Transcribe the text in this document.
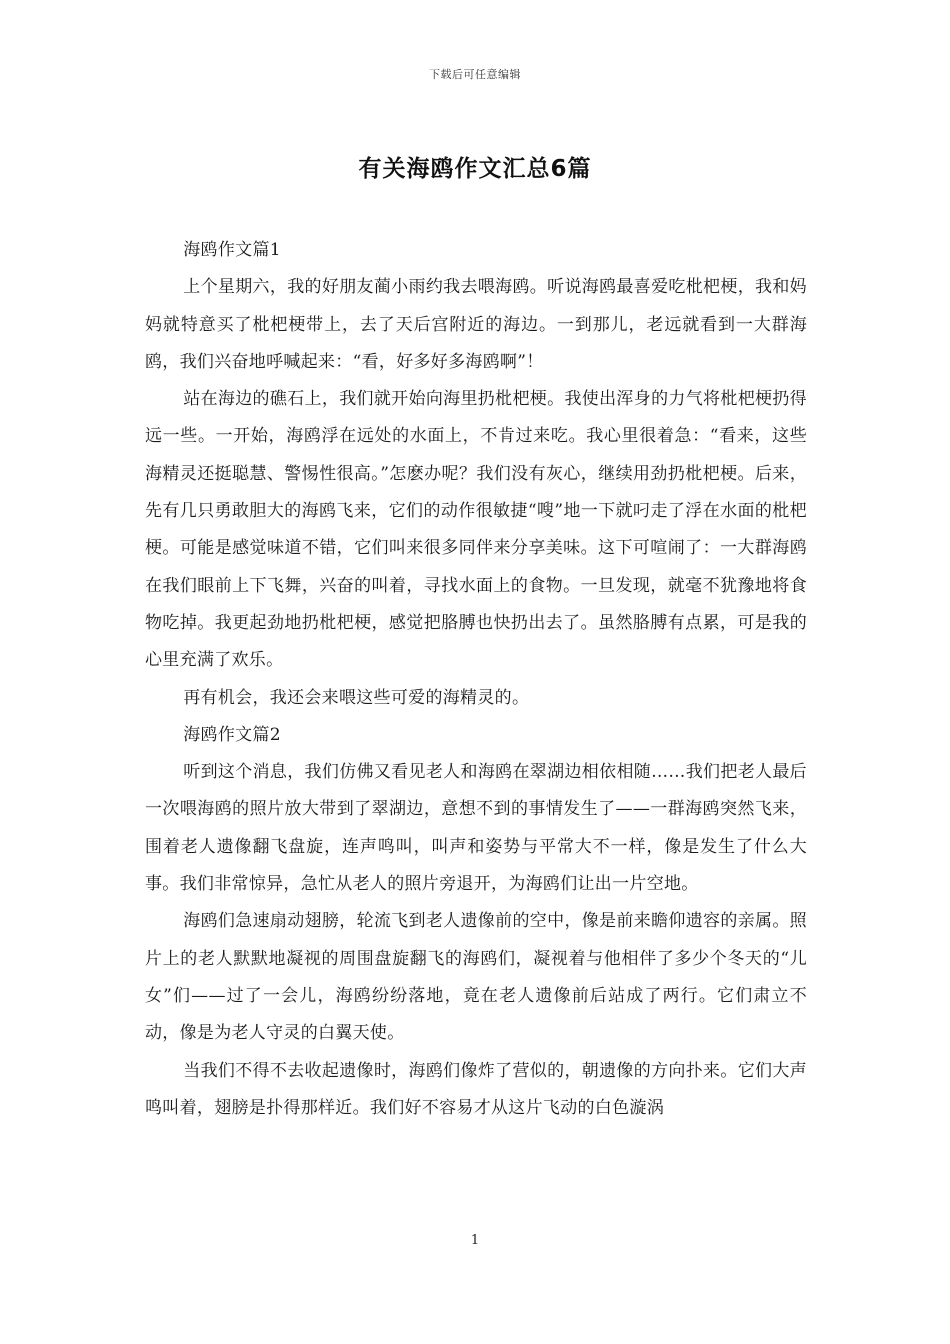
下载后可任意编辑
有关海鸥作文汇总6篇

海鸥作文篇1

上个星期六，我的好朋友蔺小雨约我去喂海鸥。听说海鸥最喜爱吃枇杷梗，我和妈妈就特意买了枇杷梗带上，去了天后宫附近的海边。一到那儿，老远就看到一大群海鸥，我们兴奋地呼喊起来：“看，好多好多海鸥啊”！

站在海边的礁石上，我们就开始向海里扔枇杷梗。我使出浑身的力气将枇杷梗扔得远一些。一开始，海鸥浮在远处的水面上，不肯过来吃。我心里很着急：“看来，这些海精灵还挺聪慧、警惕性很高。”怎麽办呢？我们没有灰心，继续用劲扔枇杷梗。后来，先有几只勇敢胆大的海鸥飞来，它们的动作很敏捷“嗖”地一下就叼走了浮在水面的枇杷梗。可能是感觉味道不错，它们叫来很多同伴来分享美味。这下可喧闹了：一大群海鸥在我们眼前上下飞舞，兴奋的叫着，寻找水面上的食物。一旦发现，就毫不犹豫地将食物吃掉。我更起劲地扔枇杷梗，感觉把胳膊也快扔出去了。虽然胳膊有点累，可是我的心里充满了欢乐。

再有机会，我还会来喂这些可爱的海精灵的。

海鸥作文篇2

听到这个消息，我们仿佛又看见老人和海鸥在翠湖边相依相随……我们把老人最后一次喂海鸥的照片放大带到了翠湖边，意想不到的事情发生了——一群海鸥突然飞来，围着老人遗像翻飞盘旋，连声鸣叫，叫声和姿势与平常大不一样，像是发生了什么大事。我们非常惊异，急忙从老人的照片旁退开，为海鸥们让出一片空地。

海鸥们急速扇动翅膀，轮流飞到老人遗像前的空中，像是前来瞻仰遗容的亲属。照片上的老人默默地凝视的周围盘旋翻飞的海鸥们，凝视着与他相伴了多少个冬天的“儿女”们——过了一会儿，海鸥纷纷落地，竟在老人遗像前后站成了两行。它们肃立不动，像是为老人守灵的白翼天使。

当我们不得不去收起遗像时，海鸥们像炸了营似的，朝遗像的方向扑来。它们大声鸣叫着，翅膀是扑得那样近。我们好不容易才从这片飞动的白色漩涡

1
